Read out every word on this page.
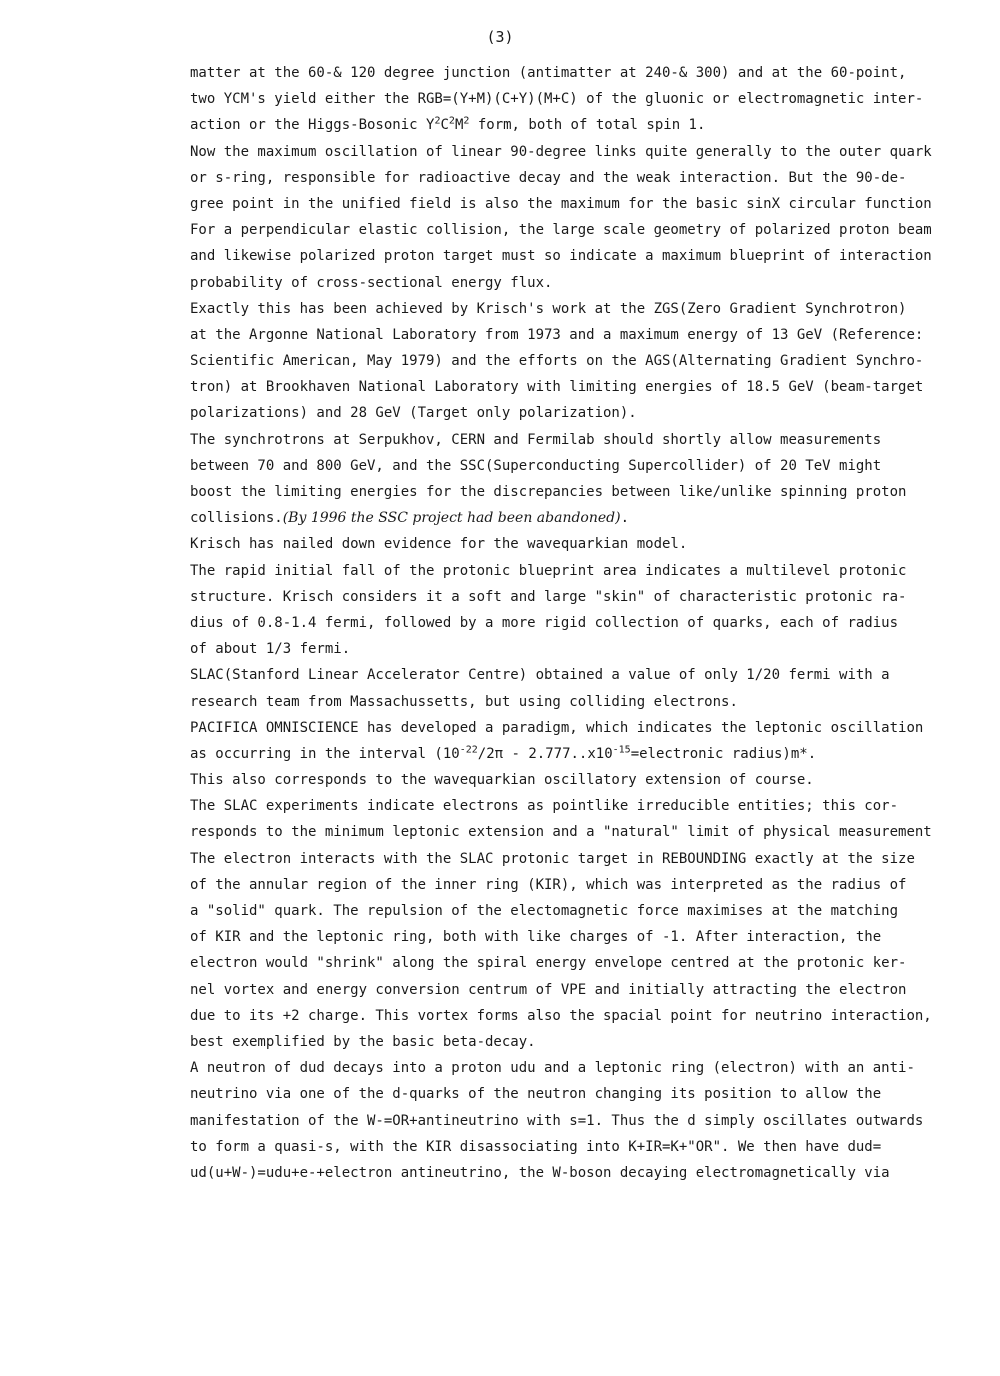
(3)
matter at the 60-& 120 degree junction (antimatter at 240-& 300) and at the 60-point,
two YCM's yield either the RGB=(Y+M)(C+Y)(M+C) of the gluonic or electromagnetic inter-
action or the Higgs-Bosonic $Y^2C^2M^2$ form, both of total spin 1.
Now the maximum oscillation of linear 90-degree links quite generally to the outer quark
or s-ring, responsible for radioactive decay and the weak interaction. But the 90-de-
gree point in the unified field is also the maximum for the basic sinX circular function
For a perpendicular elastic collision, the large scale geometry of polarized proton beam
and likewise polarized proton target must so indicate a maximum blueprint of interaction
probability of cross-sectional energy flux.
Exactly this has been achieved by Krisch's work at the ZGS(Zero Gradient Synchrotron)
at the Argonne National Laboratory from 1973 and a maximum energy of 13 GeV (Reference:
Scientific American, May 1979) and the efforts on the AGS(Alternating Gradient Synchro-
tron) at Brookhaven National Laboratory with limiting energies of 18.5 GeV (beam-target
polarizations) and 28 GeV (Target only polarization).
The synchrotrons at Serpukhov, CERN and Fermilab should shortly allow measurements
between 70 and 800 GeV, and the SSC(Superconducting Supercollider) of 20 TeV might
boost the limiting energies for the discrepancies between like/unlike spinning proton
collisions.(By 1996 the SSC project had been abandoned).
Krisch has nailed down evidence for the wavequarkian model.
The rapid initial fall of the protonic blueprint area indicates a multilevel protonic
structure. Krisch considers it a soft and large "skin" of characteristic protonic ra-
dius of 0.8-1.4 fermi, followed by a more rigid collection of quarks, each of radius
of about 1/3 fermi.
SLAC(Stanford Linear Accelerator Centre) obtained a value of only 1/20 fermi with a
research team from Massachussetts, but using colliding electrons.
PACIFICA OMNISCIENCE has developed a paradigm, which indicates the leptonic oscillation
as occurring in the interval ($10^{-22}/2\pi$ - $2.777..x10^{-15}=electronic$ radius)m*.
This also corresponds to the wavequarkian oscillatory extension of course.
The SLAC experiments indicate electrons as pointlike irreducible entities; this cor-
responds to the minimum leptonic extension and a "natural" limit of physical measurement
The electron interacts with the SLAC protonic target in REBOUNDING exactly at the size
of the annular region of the inner ring (KIR), which was interpreted as the radius of
a "solid" quark. The repulsion of the electomagnetic force maximises at the matching
of KIR and the leptonic ring, both with like charges of -1. After interaction, the
electron would "shrink" along the spiral energy envelope centred at the protonic ker-
nel vortex and energy conversion centrum of VPE and initially attracting the electron
due to its +2 charge. This vortex forms also the spacial point for neutrino interaction,
best exemplified by the basic beta-decay.
A neutron of dud decays into a proton udu and a leptonic ring (electron) with an anti-
neutrino via one of the d-quarks of the neutron changing its position to allow the
manifestation of the W-=OR+antineutrino with s=1. Thus the d simply oscillates outwards
to form a quasi-s, with the KIR disassociating into K+IR=K+"OR". We then have dud=
ud(u+W-)=udu+e-+electron antineutrino, the W-boson decaying electromagnetically via
